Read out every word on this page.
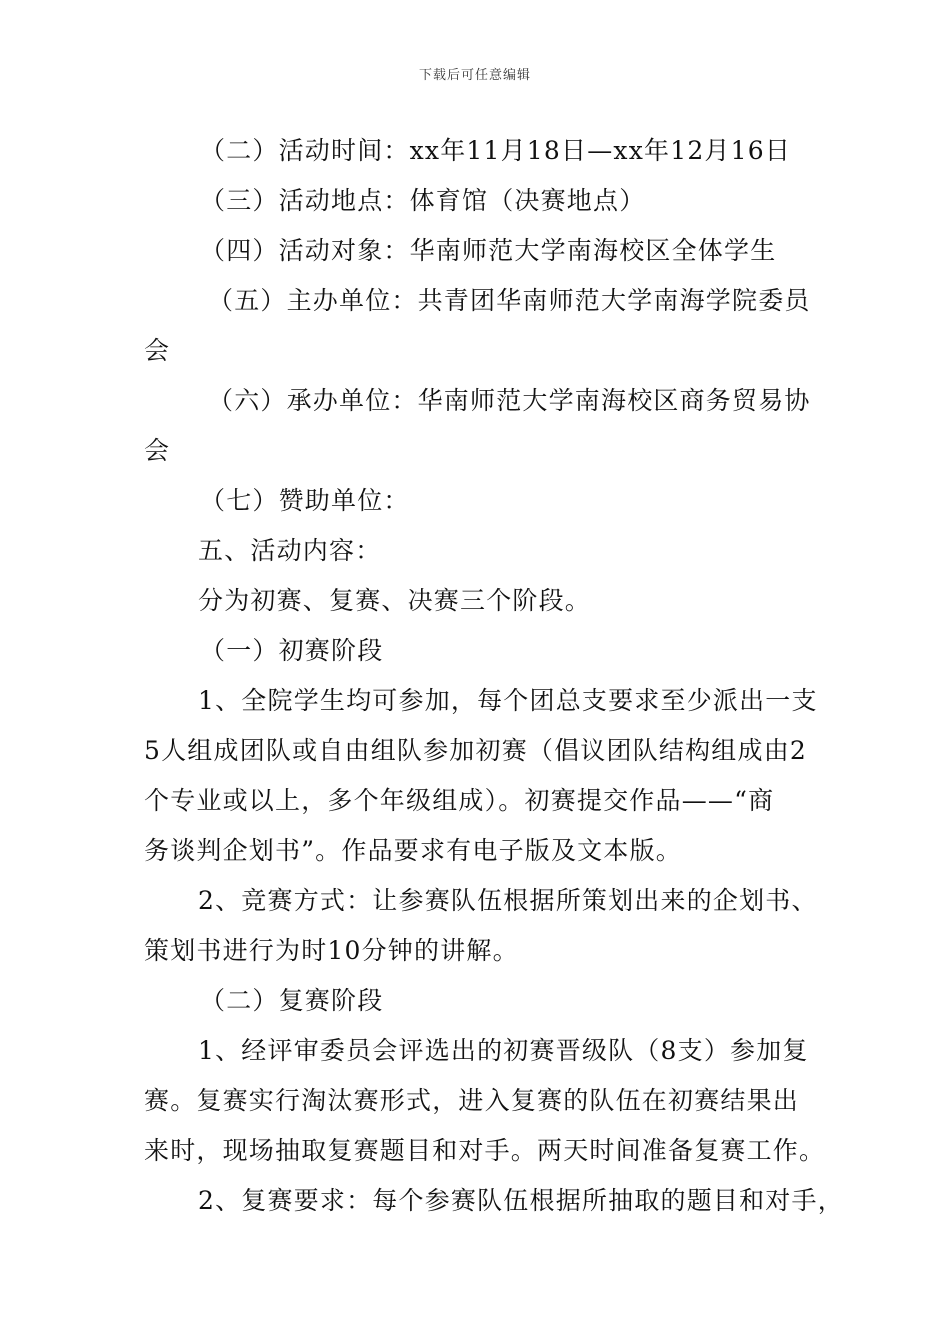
下载后可任意编辑
（二）活动时间：xx年11月18日—xx年12月16日
（三）活动地点：体育馆（决赛地点）
（四）活动对象：华南师范大学南海校区全体学生
（五）主办单位：共青团华南师范大学南海学院委员
会
（六）承办单位：华南师范大学南海校区商务贸易协
会
（七）赞助单位：
五、活动内容：
分为初赛、复赛、决赛三个阶段。
（一）初赛阶段
1、全院学生均可参加，每个团总支要求至少派出一支
5人组成团队或自由组队参加初赛（倡议团队结构组成由2
个专业或以上，多个年级组成）。初赛提交作品——“商
务谈判企划书”。作品要求有电子版及文本版。
2、竞赛方式：让参赛队伍根据所策划出来的企划书、
策划书进行为时10分钟的讲解。
（二）复赛阶段
1、经评审委员会评选出的初赛晋级队（8支）参加复
赛。复赛实行淘汰赛形式，进入复赛的队伍在初赛结果出
来时，现场抽取复赛题目和对手。两天时间准备复赛工作。
2、复赛要求：每个参赛队伍根据所抽取的题目和对手，
